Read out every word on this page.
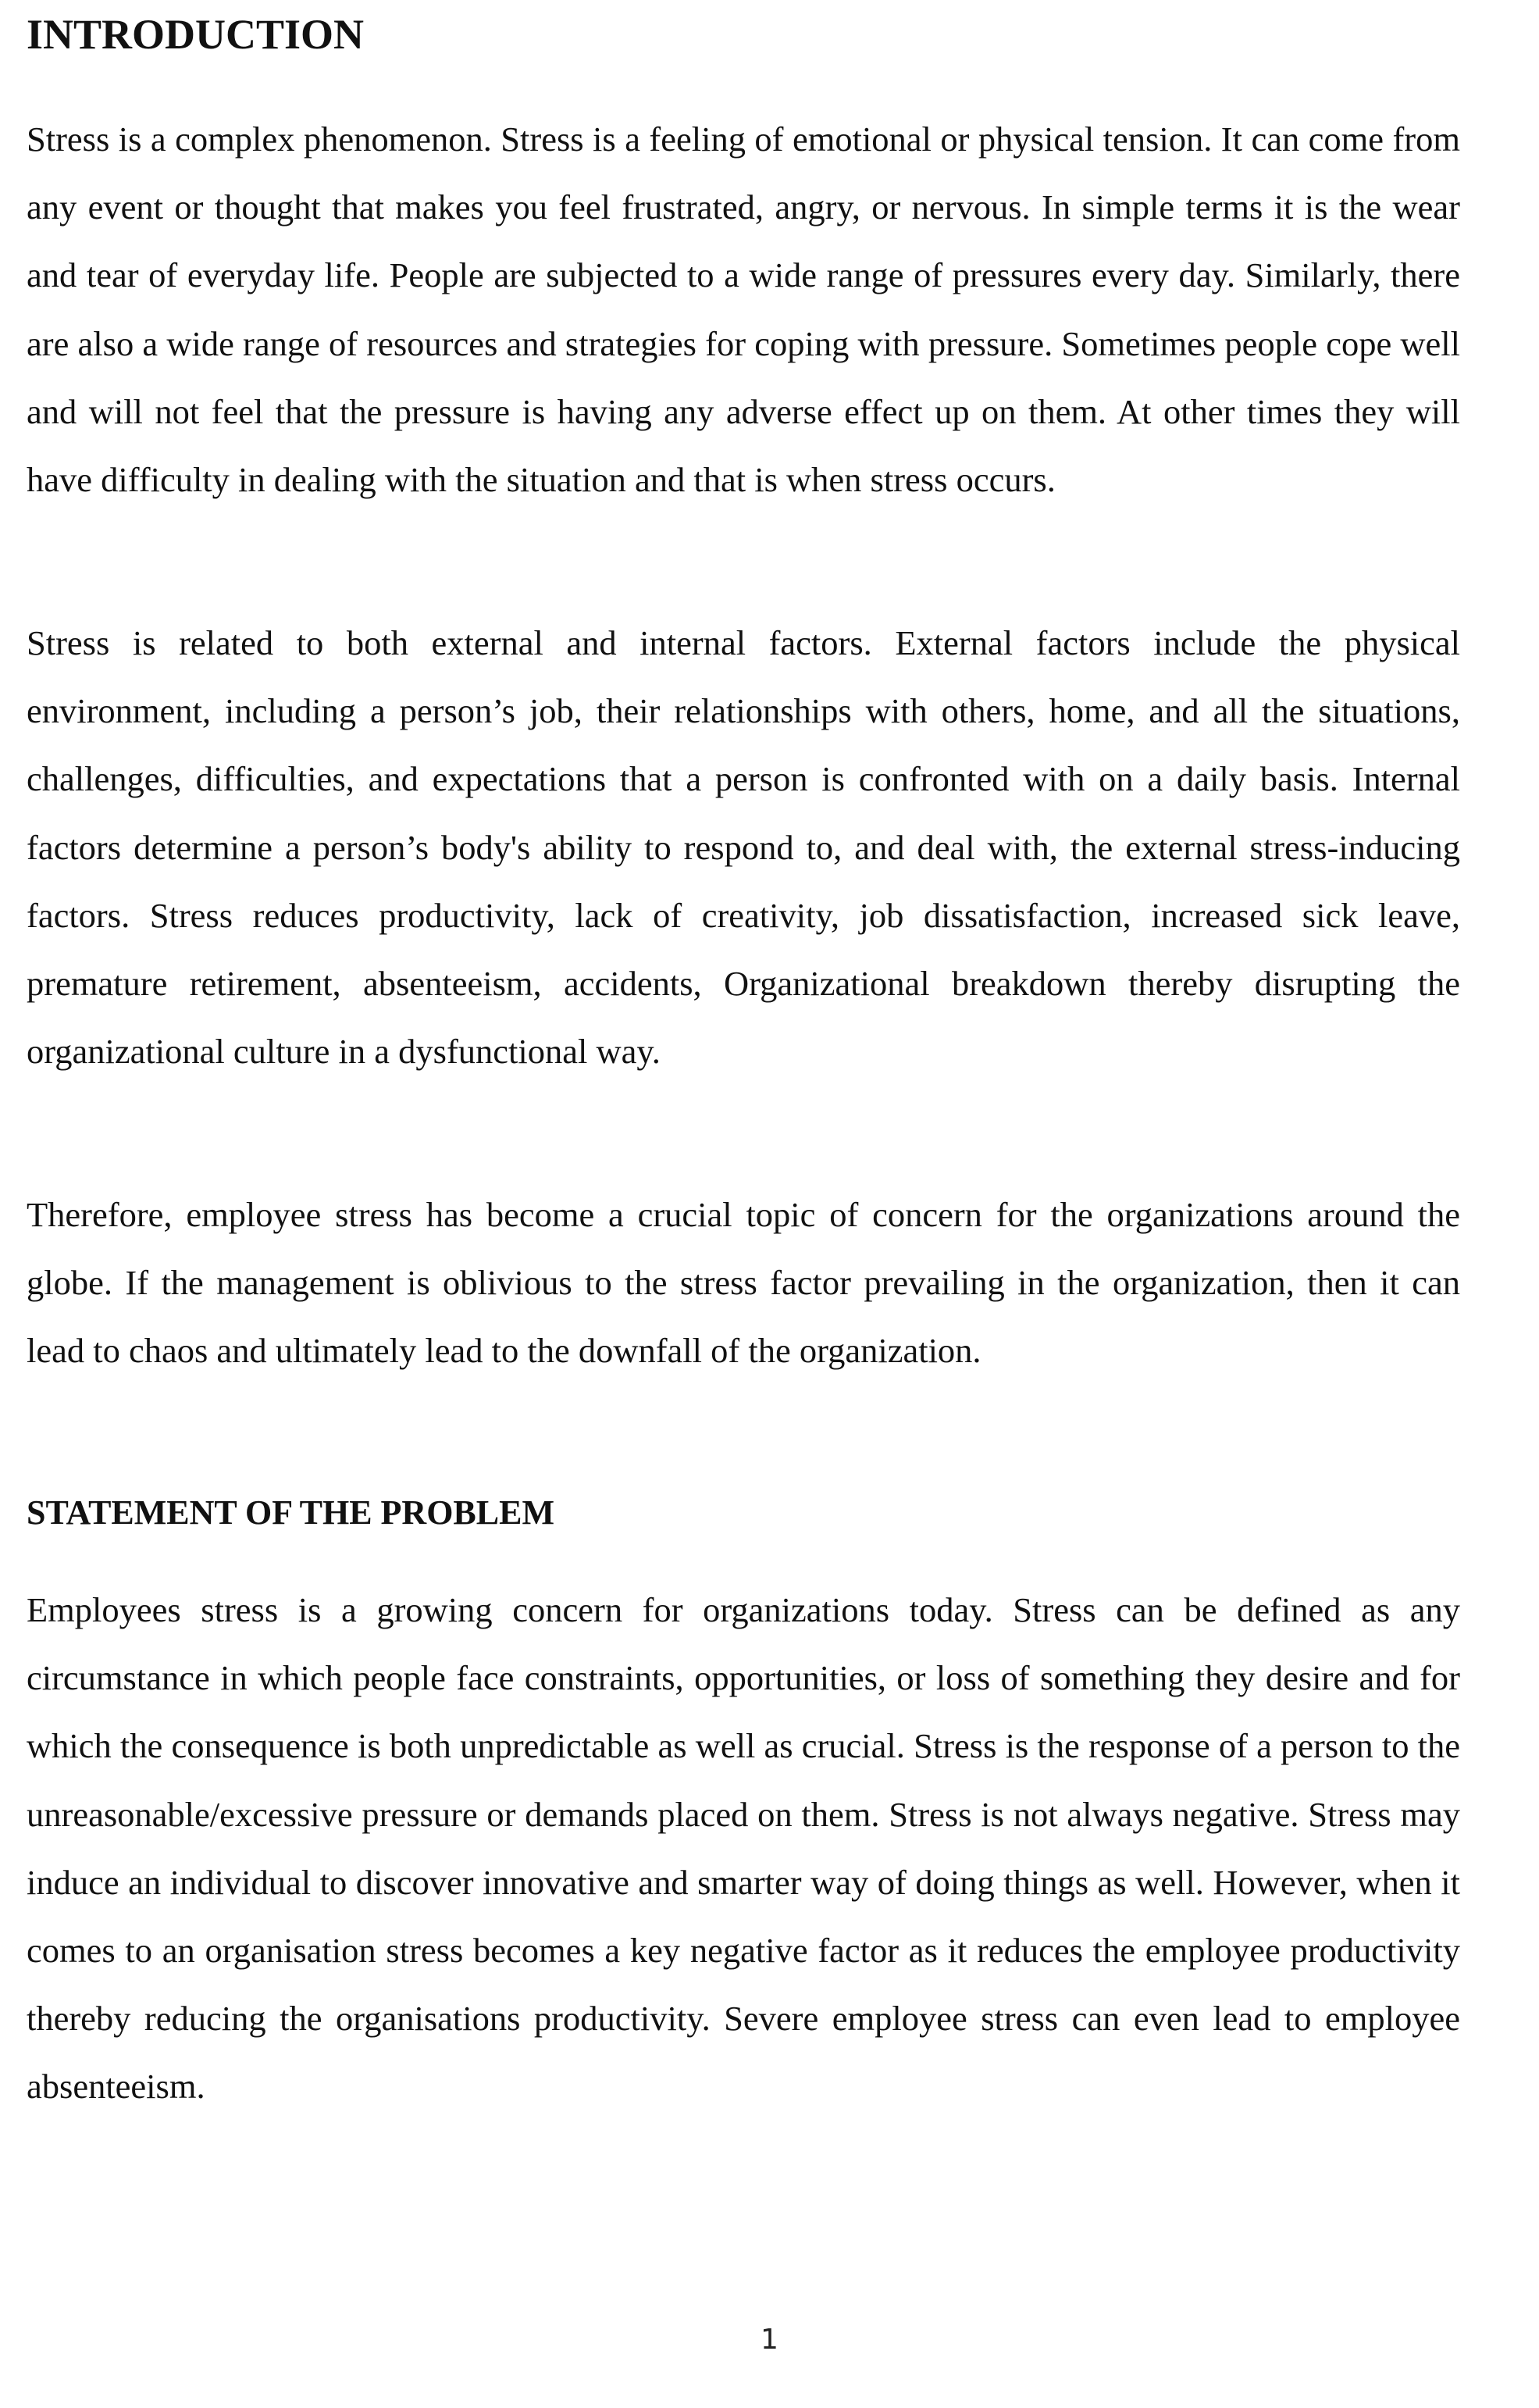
INTRODUCTION

Stress is a complex phenomenon. Stress is a feeling of emotional or physical tension. It can come from any event or thought that makes you feel frustrated, angry, or nervous. In simple terms it is the wear and tear of everyday life. People are subjected to a wide range of pressures every day. Similarly, there are also a wide range of resources and strategies for coping with pressure. Sometimes people cope well and will not feel that the pressure is having any adverse effect up on them. At other times they will have difficulty in dealing with the situation and that is when stress occurs.

Stress is related to both external and internal factors. External factors include the physical environment, including a person’s job, their relationships with others, home, and all the situations, challenges, difficulties, and expectations that a person is confronted with on a daily basis. Internal factors determine a person’s body's ability to respond to, and deal with, the external stress-inducing factors. Stress reduces productivity, lack of creativity, job dissatisfaction, increased sick leave, premature retirement, absenteeism, accidents, Organizational breakdown thereby disrupting the organizational culture in a dysfunctional way.

Therefore, employee stress has become a crucial topic of concern for the organizations around the globe. If the management is oblivious to the stress factor prevailing in the organization, then it can lead to chaos and ultimately lead to the downfall of the organization.

STATEMENT OF THE PROBLEM

Employees stress is a growing concern for organizations today. Stress can be defined as any circumstance in which people face constraints, opportunities, or loss of something they desire and for which the consequence is both unpredictable as well as crucial. Stress is the response of a person to the unreasonable/excessive pressure or demands placed on them. Stress is not always negative. Stress may induce an individual to discover innovative and smarter way of doing things as well. However, when it comes to an organisation stress becomes a key negative factor as it reduces the employee productivity thereby reducing the organisations productivity. Severe employee stress can even lead to employee absenteeism.

1
